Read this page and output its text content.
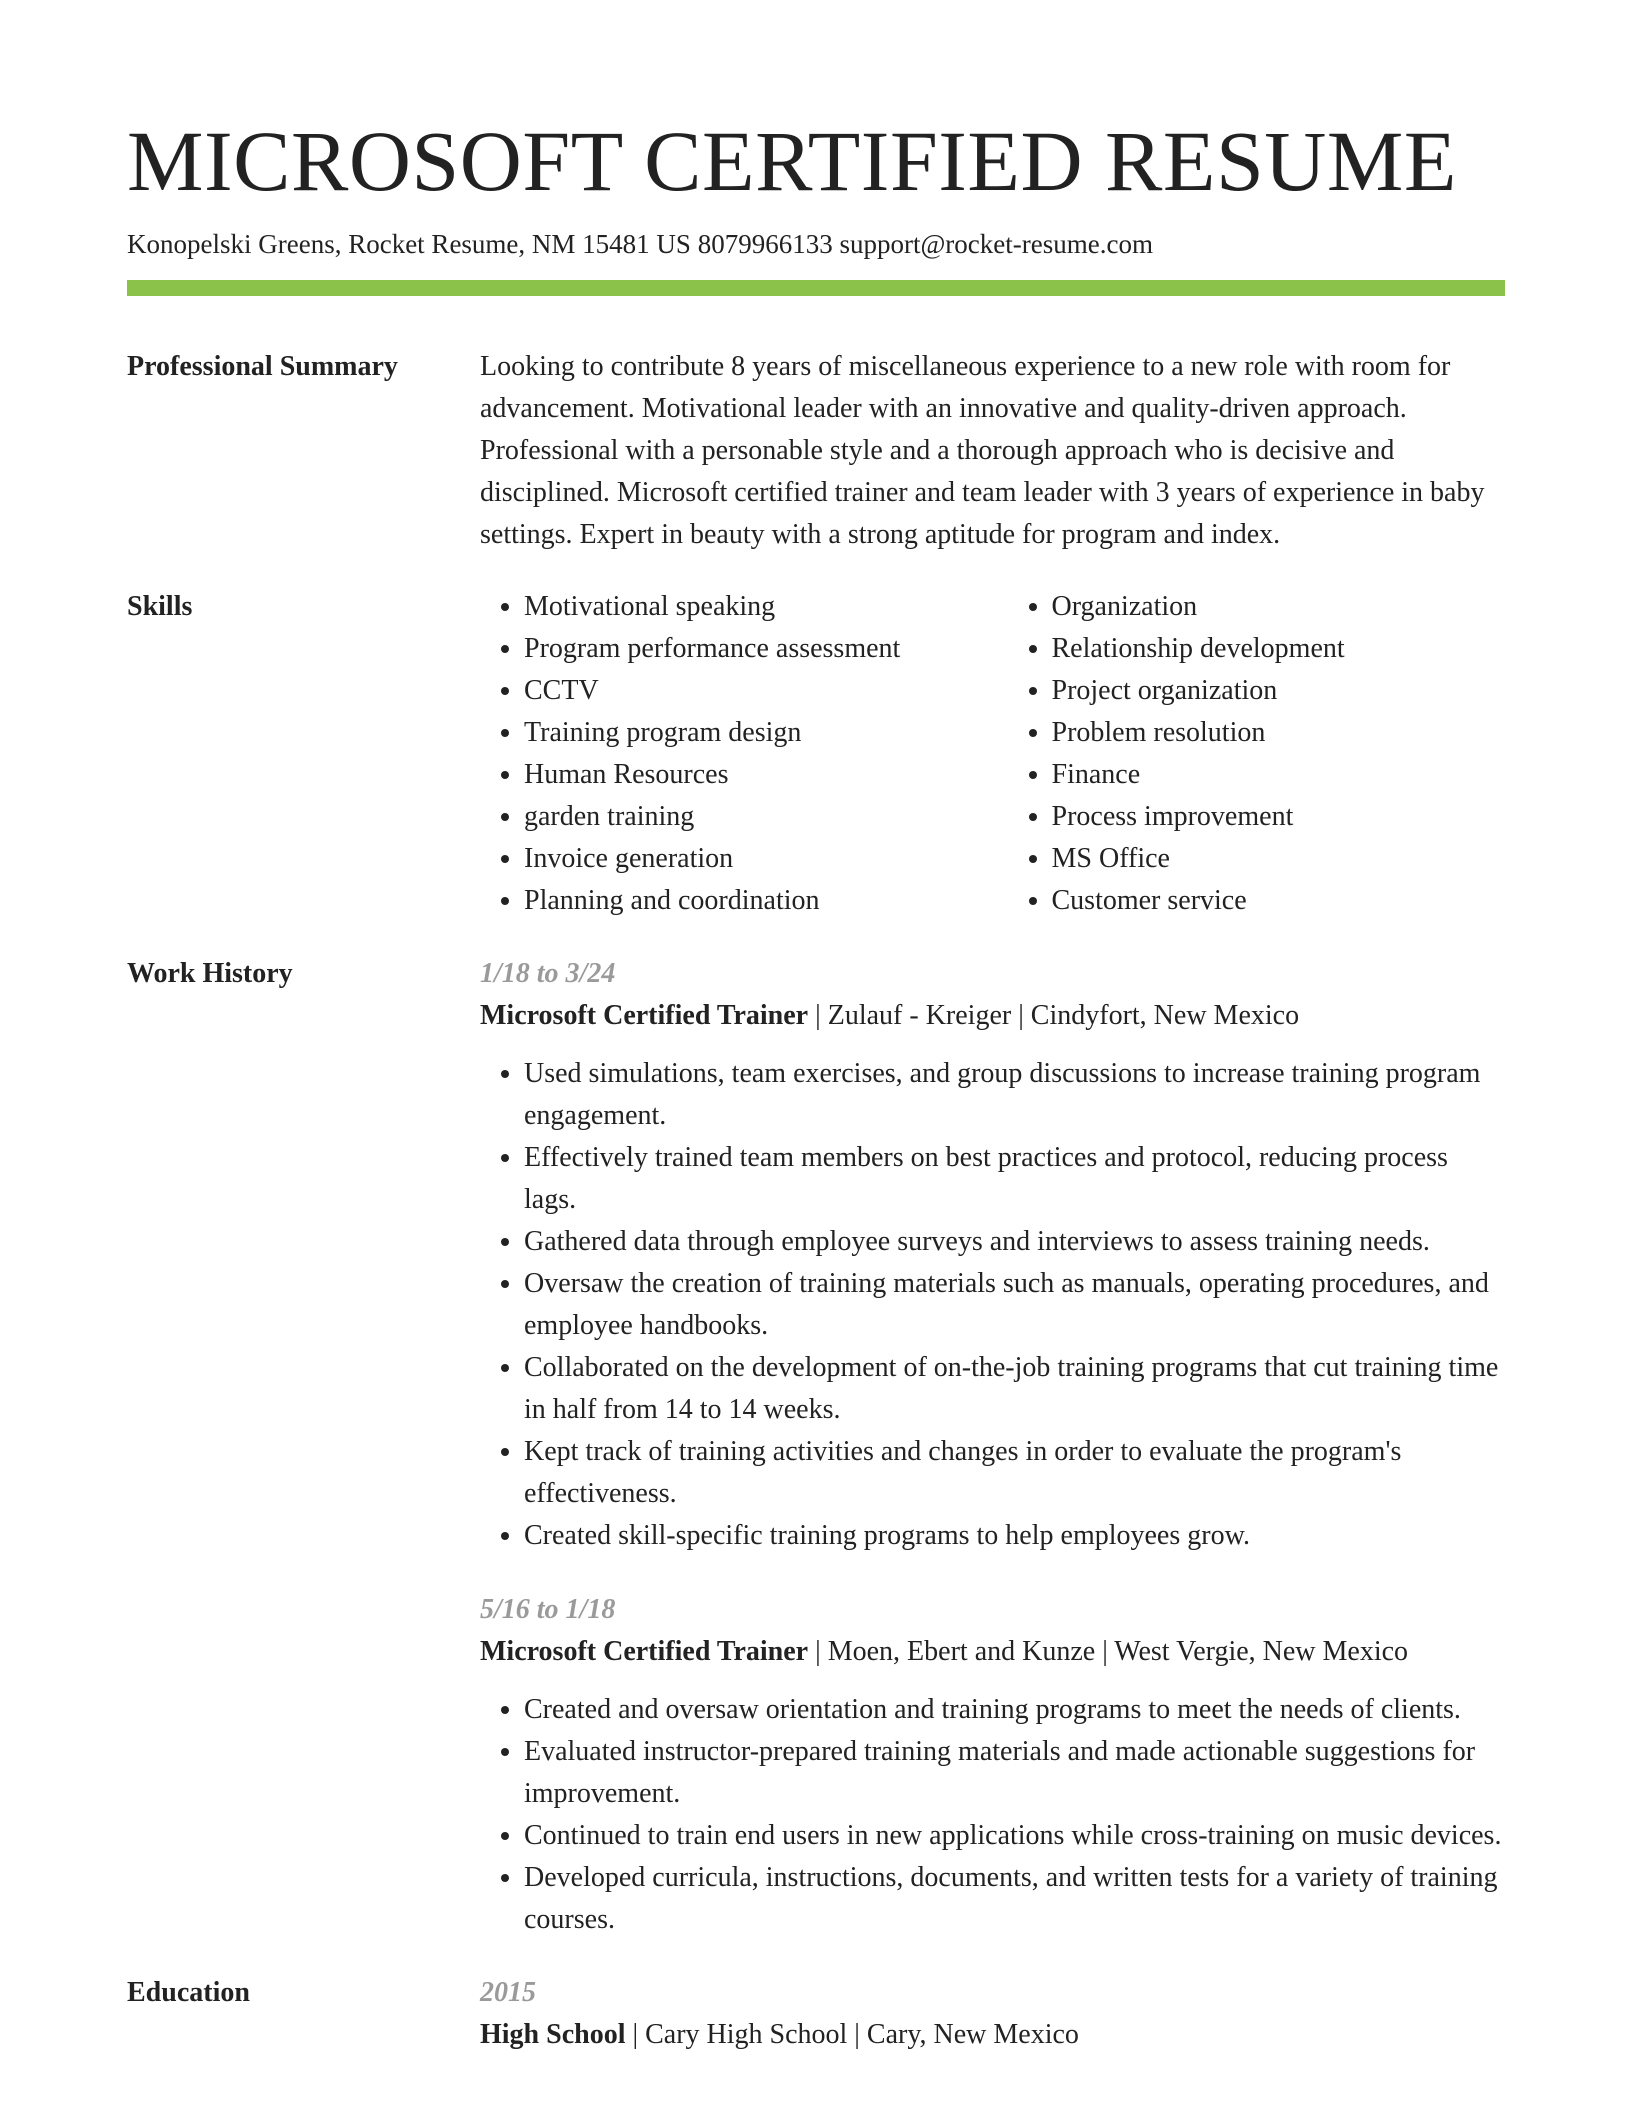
MICROSOFT CERTIFIED RESUME
Konopelski Greens, Rocket Resume, NM 15481 US 8079966133 support@rocket-resume.com
Professional Summary	Looking to contribute 8 years of miscellaneous experience to a new role with room for advancement. Motivational leader with an innovative and quality-driven approach. Professional with a personable style and a thorough approach who is decisive and disciplined. Microsoft certified trainer and team leader with 3 years of experience in baby settings. Expert in beauty with a strong aptitude for program and index.

Skills
•	Motivational speaking
• Program performance assessment
• CCTV
• Training program design
• Human Resources
• garden training
• Invoice generation
• Planning and coordination
• Organization
• Relationship development
• Project organization
• Problem resolution
• Finance
• Process improvement
• MS Office
• Customer service
Work History	1/18 to 3/24
Microsoft Certified Trainer | Zulauf - Kreiger | Cindyfort, New Mexico
• Used simulations, team exercises, and group discussions to increase training program engagement.
• Effectively trained team members on best practices and protocol, reducing process lags.
• Gathered data through employee surveys and interviews to assess training needs.
• Oversaw the creation of training materials such as manuals, operating procedures, and employee handbooks.
• Collaborated on the development of on-the-job training programs that cut training time in half from 14 to 14 weeks.
• Kept track of training activities and changes in order to evaluate the program's effectiveness.
• Created skill-specific training programs to help employees grow.
5/16 to 1/18
Microsoft Certified Trainer | Moen, Ebert and Kunze | West Vergie, New Mexico
• Created and oversaw orientation and training programs to meet the needs of clients.
• Evaluated instructor-prepared training materials and made actionable suggestions for improvement.
• Continued to train end users in new applications while cross-training on music devices.
• Developed curricula, instructions, documents, and written tests for a variety of training courses.
Education	2015
High School | Cary High School | Cary, New Mexico
